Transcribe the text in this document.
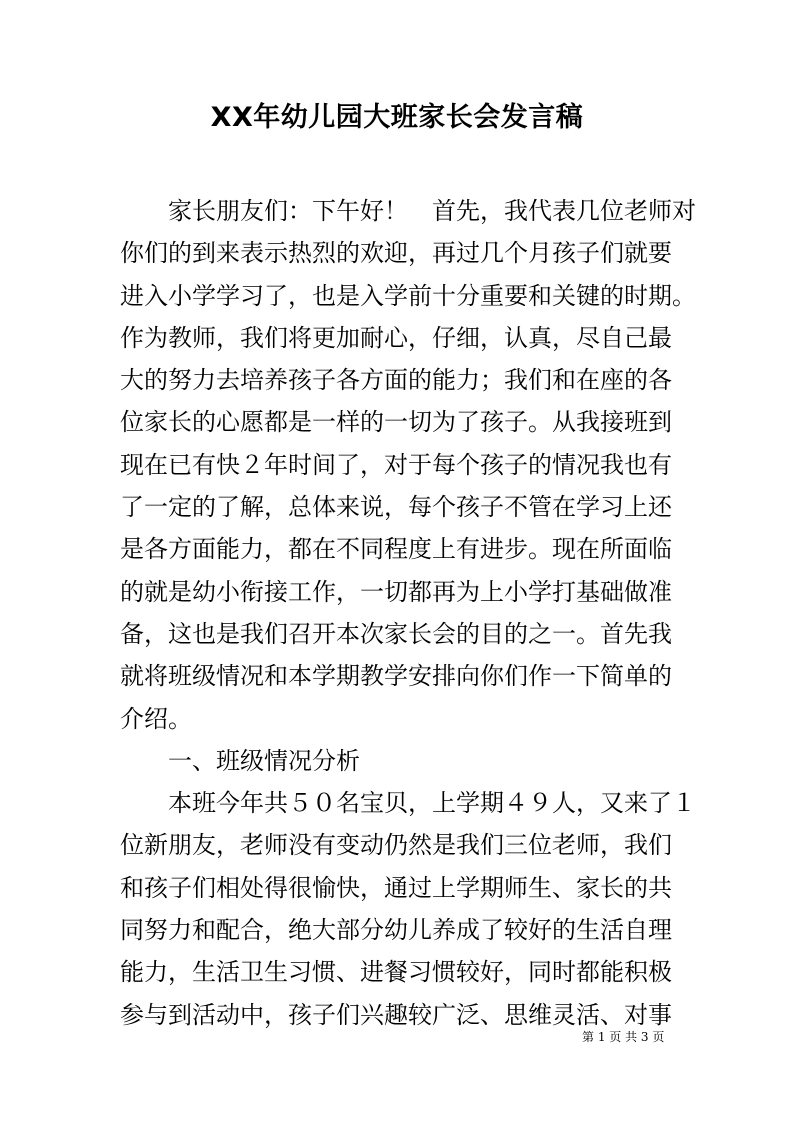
XX年幼儿园大班家长会发言稿

　　家长朋友们：下午好！　首先，我代表几位老师对

你们的到来表示热烈的欢迎，再过几个月孩子们就要

进入小学学习了，也是入学前十分重要和关键的时期。

作为教师，我们将更加耐心，仔细，认真，尽自己最

大的努力去培养孩子各方面的能力；我们和在座的各

位家长的心愿都是一样的一切为了孩子。从我接班到

现在已有快２年时间了，对于每个孩子的情况我也有

了一定的了解，总体来说，每个孩子不管在学习上还

是各方面能力，都在不同程度上有进步。现在所面临

的就是幼小衔接工作，一切都再为上小学打基础做准

备，这也是我们召开本次家长会的目的之一。首先我

就将班级情况和本学期教学安排向你们作一下简单的

介绍。

　　一、班级情况分析

　　本班今年共５０名宝贝，上学期４９人，又来了１

位新朋友，老师没有变动仍然是我们三位老师，我们

和孩子们相处得很愉快，通过上学期师生、家长的共

同努力和配合，绝大部分幼儿养成了较好的生活自理

能力，生活卫生习惯、进餐习惯较好，同时都能积极

参与到活动中，孩子们兴趣较广泛、思维灵活、对事

第 1 页 共 3 页
